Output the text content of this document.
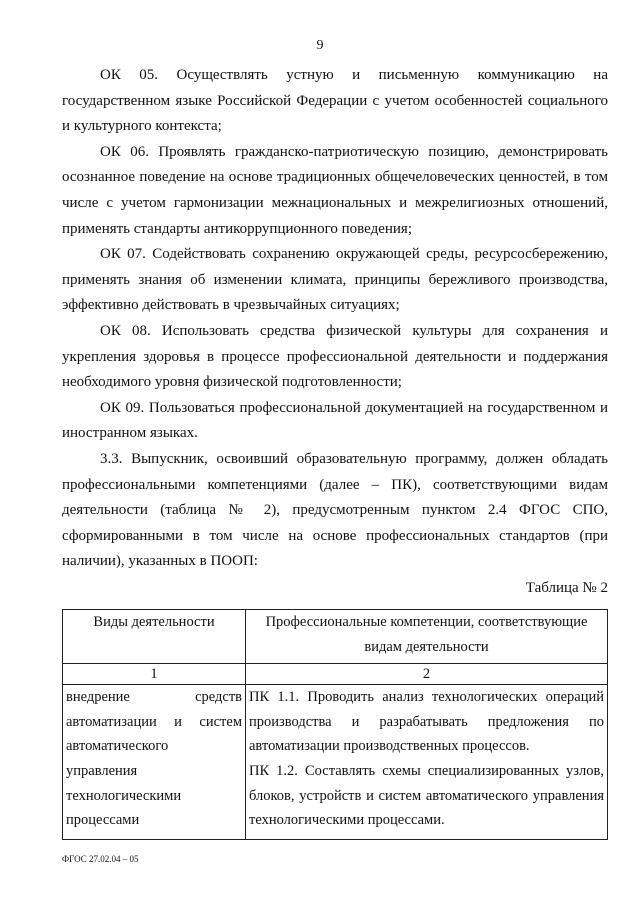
9

ОК 05. Осуществлять устную и письменную коммуникацию на государственном языке Российской Федерации с учетом особенностей социального и культурного контекста;

ОК 06. Проявлять гражданско-патриотическую позицию, демонстрировать осознанное поведение на основе традиционных общечеловеческих ценностей, в том числе с учетом гармонизации межнациональных и межрелигиозных отношений, применять стандарты антикоррупционного поведения;

ОК 07. Содействовать сохранению окружающей среды, ресурсосбережению, применять знания об изменении климата, принципы бережливого производства, эффективно действовать в чрезвычайных ситуациях;

ОК 08. Использовать средства физической культуры для сохранения и укрепления здоровья в процессе профессиональной деятельности и поддержания необходимого уровня физической подготовленности;

ОК 09. Пользоваться профессиональной документацией на государственном и иностранном языках.

3.3. Выпускник, освоивший образовательную программу, должен обладать профессиональными компетенциями (далее – ПК), соответствующими видам деятельности (таблица № 2), предусмотренным пунктом 2.4 ФГОС СПО, сформированными в том числе на основе профессиональных стандартов (при наличии), указанных в ПООП:

Таблица № 2
Виды деятельности	Профессиональные компетенции, соответствующие видам деятельности
1	2

внедрение средств автоматизации и систем автоматического управления технологическими процессами	ПК 1.1. Проводить анализ технологических операций производства и разрабатывать предложения по автоматизации производственных процессов.
ПК 1.2. Составлять схемы специализированных узлов, блоков, устройств и систем автоматического управления технологическими процессами.
ФГОС 27.02.04 – 05
